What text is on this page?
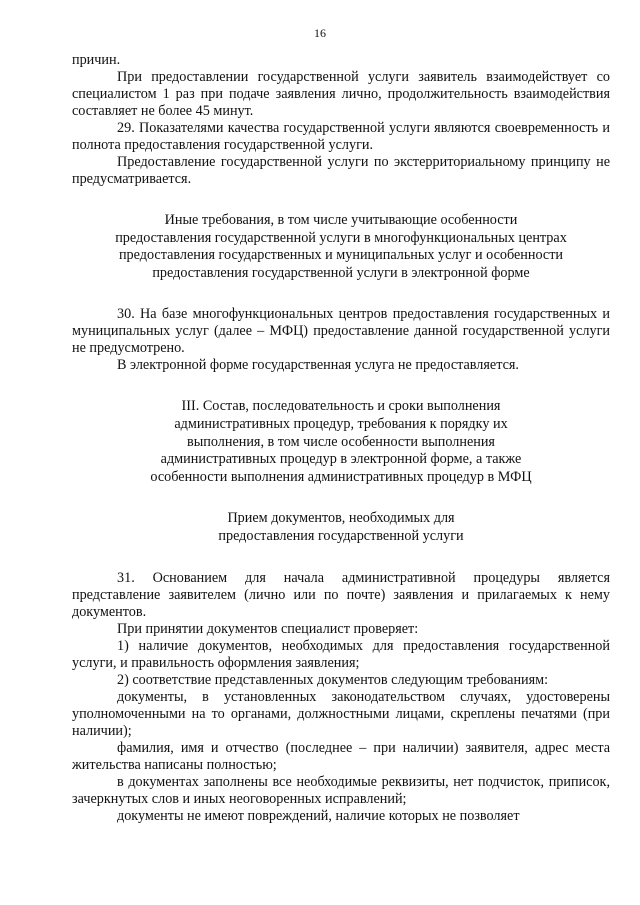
16

причин.

При предоставлении государственной услуги заявитель взаимодействует со специалистом 1 раз при подаче заявления лично, продолжительность взаимодействия составляет не более 45 минут.

29. Показателями качества государственной услуги являются своевременность и полнота предоставления государственной услуги.

Предоставление государственной услуги по экстерриториальному принципу не предусматривается.

Иные требования, в том числе учитывающие особенности
предоставления государственной услуги в многофункциональных центрах
предоставления государственных и муниципальных услуг и особенности
предоставления государственной услуги в электронной форме

30. На базе многофункциональных центров предоставления государственных и муниципальных услуг (далее – МФЦ) предоставление данной государственной услуги не предусмотрено.

В электронной форме государственная услуга не предоставляется.

III. Состав, последовательность и сроки выполнения
административных процедур, требования к порядку их
выполнения, в том числе особенности выполнения
административных процедур в электронной форме, а также
особенности выполнения административных процедур в МФЦ
Прием документов, необходимых для
предоставления государственной услуги

31. Основанием для начала административной процедуры является представление заявителем (лично или по почте) заявления и прилагаемых к нему документов.

При принятии документов специалист проверяет:

1) наличие документов, необходимых для предоставления государственной услуги, и правильность оформления заявления;

2) соответствие представленных документов следующим требованиям:

документы, в установленных законодательством случаях, удостоверены уполномоченными на то органами, должностными лицами, скреплены печатями (при наличии);

фамилия, имя и отчество (последнее – при наличии) заявителя, адрес места жительства написаны полностью;

в документах заполнены все необходимые реквизиты, нет подчисток, приписок, зачеркнутых слов и иных неоговоренных исправлений;

документы не имеют повреждений, наличие которых не позволяет
